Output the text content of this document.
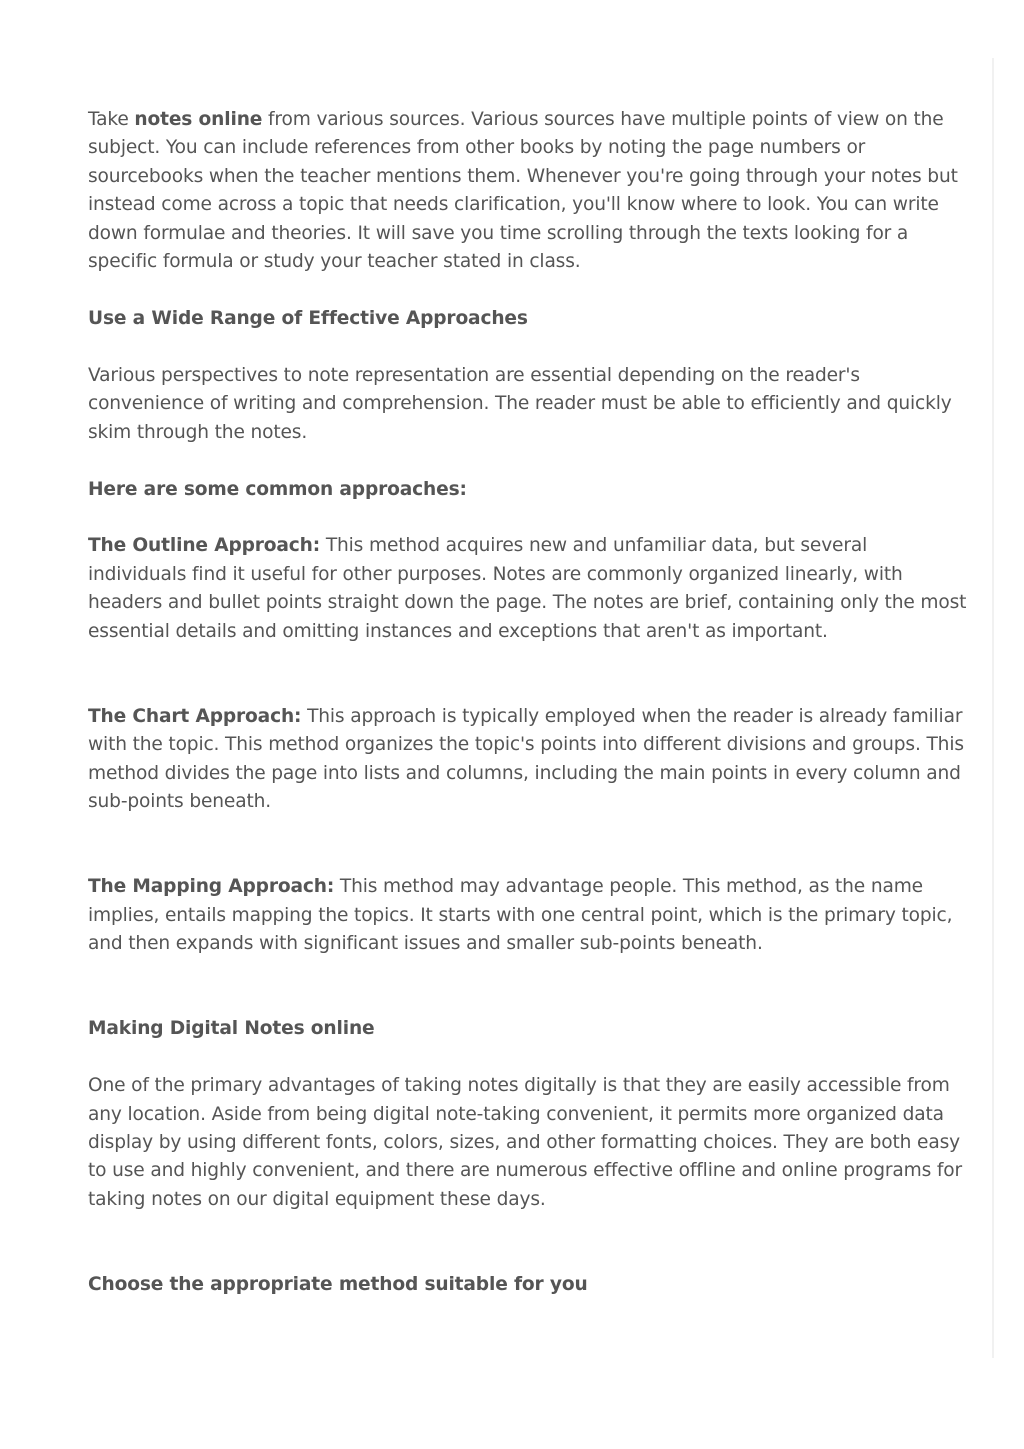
Take notes online from various sources. Various sources have multiple points of view on the subject. You can include references from other books by noting the page numbers or sourcebooks when the teacher mentions them. Whenever you're going through your notes but instead come across a topic that needs clarification, you'll know where to look. You can write down formulae and theories. It will save you time scrolling through the texts looking for a specific formula or study your teacher stated in class.

Use a Wide Range of Effective Approaches

Various perspectives to note representation are essential depending on the reader's convenience of writing and comprehension. The reader must be able to efficiently and quickly skim through the notes.

Here are some common approaches:

The Outline Approach: This method acquires new and unfamiliar data, but several individuals find it useful for other purposes. Notes are commonly organized linearly, with headers and bullet points straight down the page. The notes are brief, containing only the most essential details and omitting instances and exceptions that aren't as important.

The Chart Approach: This approach is typically employed when the reader is already familiar with the topic. This method organizes the topic's points into different divisions and groups. This method divides the page into lists and columns, including the main points in every column and sub-points beneath.

The Mapping Approach: This method may advantage people. This method, as the name implies, entails mapping the topics. It starts with one central point, which is the primary topic, and then expands with significant issues and smaller sub-points beneath.

Making Digital Notes online

One of the primary advantages of taking notes digitally is that they are easily accessible from any location. Aside from being digital note-taking convenient, it permits more organized data display by using different fonts, colors, sizes, and other formatting choices. They are both easy to use and highly convenient, and there are numerous effective offline and online programs for taking notes on our digital equipment these days.

Choose the appropriate method suitable for you
